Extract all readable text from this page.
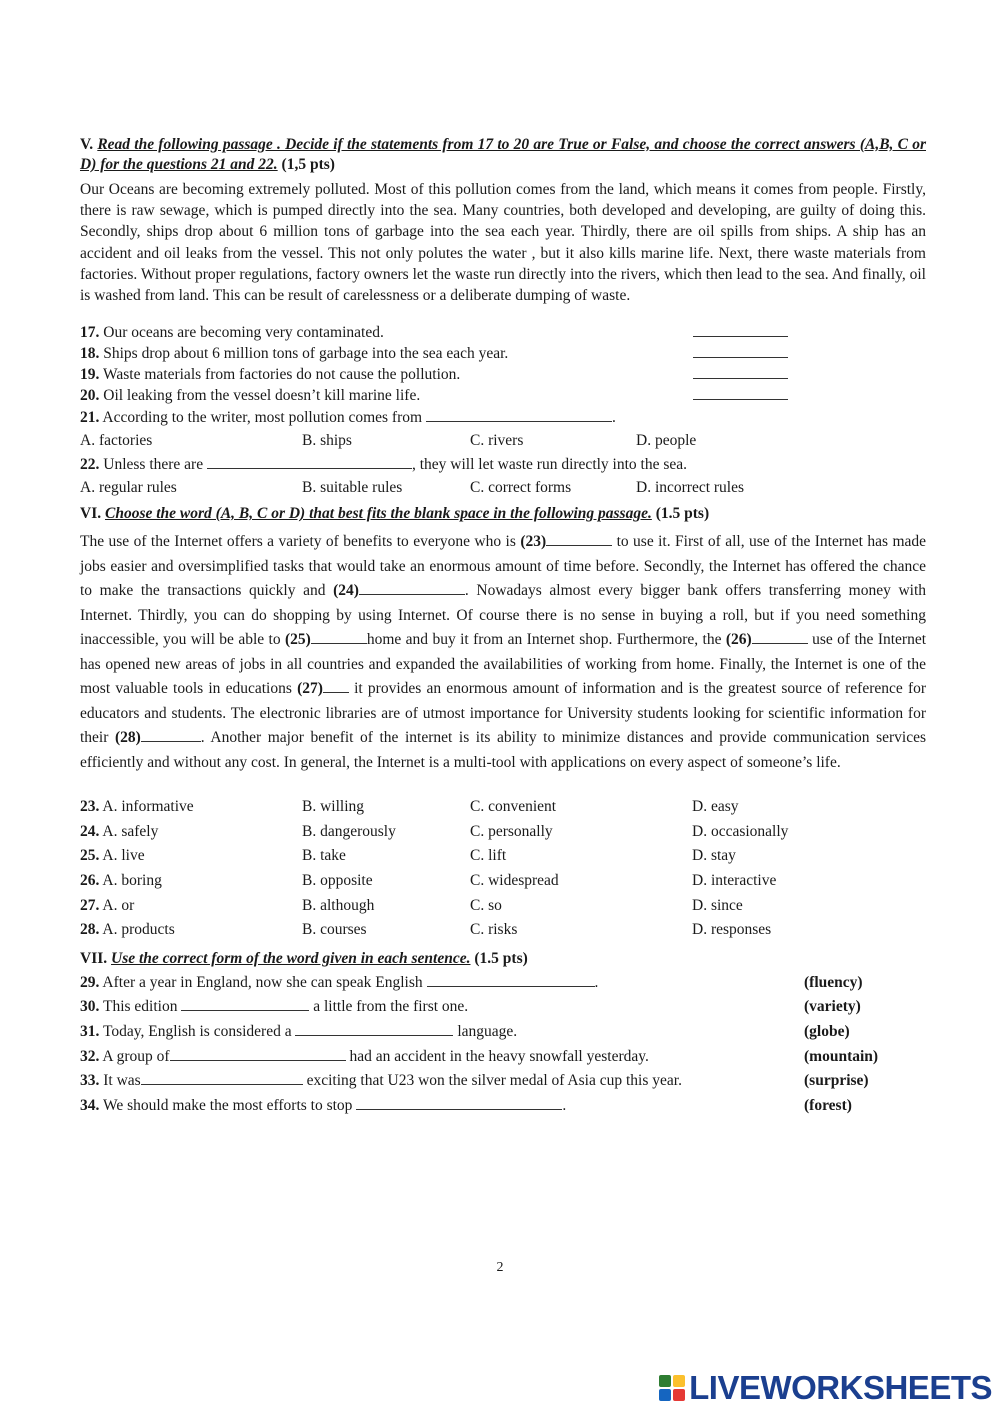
V. Read the following passage . Decide if the statements from 17 to 20 are True or False, and choose the correct answers (A,B, C or D) for the questions 21 and 22. (1,5 pts)
Our Oceans are becoming extremely polluted. Most of this pollution comes from the land, which means it comes from people. Firstly, there is raw sewage, which is pumped directly into the sea. Many countries, both developed and developing, are guilty of doing this. Secondly, ships drop about 6 million tons of garbage into the sea each year. Thirdly, there are oil spills from ships. A ship has an accident and oil leaks from the vessel. This not only polutes the water , but it also kills marine life. Next, there waste materials from factories. Without proper regulations, factory owners let the waste run directly into the rivers, which then lead to the sea. And finally, oil is washed from land. This can be result of carelessness or a deliberate dumping of waste.
17. Our oceans are becoming very contaminated.
18. Ships drop about 6 million tons of garbage into the sea each year.
19. Waste materials from factories do not cause the pollution.
20. Oil leaking from the vessel doesn’t kill marine life.
21. According to the writer, most pollution comes from	.
A. factories	B. ships	C. rivers	D. people
22. Unless there are	, they will let waste run directly into the sea.
A. regular rules	B. suitable rules	C. correct forms	D. incorrect rules
VI. Choose the word (A, B, C or D) that best fits the blank space in the following passage. (1.5 pts)
The use of the Internet offers a variety of benefits to everyone who is (23)	to use it. First of all, use of the Internet has made jobs easier and oversimplified tasks that would take an enormous amount of time before. Secondly, the Internet has offered the chance to make the transactions quickly and (24)	. Nowadays almost every bigger bank offers transferring money with Internet. Thirdly, you can do shopping by using Internet. Of course there is no sense in buying a roll, but if you need something inaccessible, you will be able to (25)	home and buy it from an Internet shop. Furthermore, the (26)	use of the Internet has opened new areas of jobs in all countries and expanded the availabilities of working from home. Finally, the Internet is one of the most valuable tools in educations (27) it provides an enormous amount of information and is the greatest source of reference for educators and students. The electronic libraries are of utmost importance for University students looking for scientific information for their (28)	. Another major benefit of the internet is its ability to minimize distances and provide communication services efficiently and without any cost. In general, the Internet is a multi-tool with applications on every aspect of someone’s life.
23. A. informative	B. willing	C. convenient	D. easy
24. A. safely	B. dangerously	C. personally	D. occasionally
25. A. live	B. take	C. lift	D. stay
26. A. boring	B. opposite	C. widespread	D. interactive
27. A. or	B. although	C. so	D. since
28. A. products	B. courses	C. risks	D. responses
VII. Use the correct form of the word given in each sentence. (1.5 pts)
29. After a year in England, now she can speak English	.	(fluency)
30. This edition	a little from the first one.	(variety)
31. Today, English is considered a	language.	(globe)
32. A group of	had an accident in the heavy snowfall yesterday.	(mountain)
33. It was	exciting that U23 won the silver medal of Asia cup this year.	(surprise)
34. We should make the most efforts to stop	.	(forest)
2
LIVEWORKSHEETS
